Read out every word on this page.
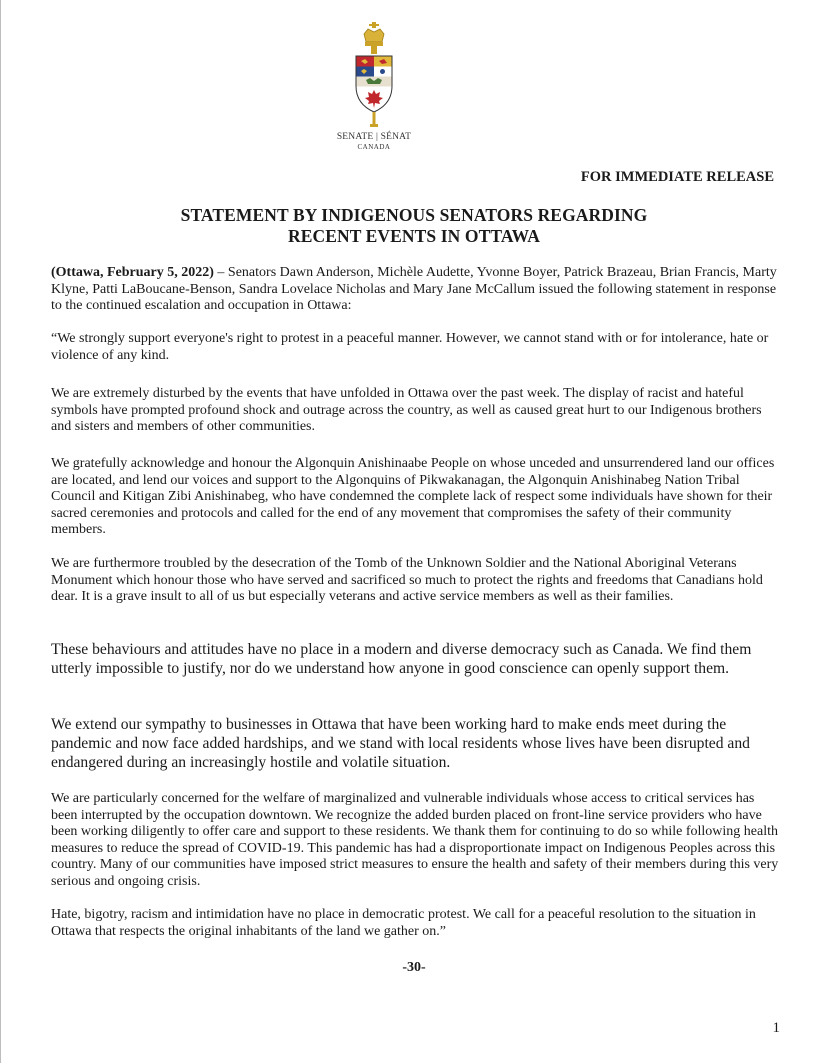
SENATE | SÉNAT
CANADA
FOR IMMEDIATE RELEASE
STATEMENT BY INDIGENOUS SENATORS REGARDING
RECENT EVENTS IN OTTAWA

(Ottawa, February 5, 2022) – Senators Dawn Anderson, Michèle Audette, Yvonne Boyer, Patrick Brazeau, Brian Francis, Marty Klyne, Patti LaBoucane-Benson, Sandra Lovelace Nicholas and Mary Jane McCallum issued the following statement in response to the continued escalation and occupation in Ottawa:

“We strongly support everyone's right to protest in a peaceful manner. However, we cannot stand with or for intolerance, hate or violence of any kind.

We are extremely disturbed by the events that have unfolded in Ottawa over the past week. The display of racist and hateful symbols have prompted profound shock and outrage across the country, as well as caused great hurt to our Indigenous brothers and sisters and members of other communities.

We gratefully acknowledge and honour the Algonquin Anishinaabe People on whose unceded and unsurrendered land our offices are located, and lend our voices and support to the Algonquins of Pikwakanagan, the Algonquin Anishinabeg Nation Tribal Council and Kitigan Zibi Anishinabeg, who have condemned the complete lack of respect some individuals have shown for their sacred ceremonies and protocols and called for the end of any movement that compromises the safety of their community members.

We are furthermore troubled by the desecration of the Tomb of the Unknown Soldier and the National Aboriginal Veterans Monument which honour those who have served and sacrificed so much to protect the rights and freedoms that Canadians hold dear. It is a grave insult to all of us but especially veterans and active service members as well as their families.

These behaviours and attitudes have no place in a modern and diverse democracy such as Canada. We find them utterly impossible to justify, nor do we understand how anyone in good conscience can openly support them.

We extend our sympathy to businesses in Ottawa that have been working hard to make ends meet during the pandemic and now face added hardships, and we stand with local residents whose lives have been disrupted and endangered during an increasingly hostile and volatile situation.

We are particularly concerned for the welfare of marginalized and vulnerable individuals whose access to critical services has been interrupted by the occupation downtown. We recognize the added burden placed on front-line service providers who have been working diligently to offer care and support to these residents. We thank them for continuing to do so while following health measures to reduce the spread of COVID-19. This pandemic has had a disproportionate impact on Indigenous Peoples across this country. Many of our communities have imposed strict measures to ensure the health and safety of their members during this very serious and ongoing crisis.

Hate, bigotry, racism and intimidation have no place in democratic protest. We call for a peaceful resolution to the situation in Ottawa that respects the original inhabitants of the land we gather on.”

-30-
1
